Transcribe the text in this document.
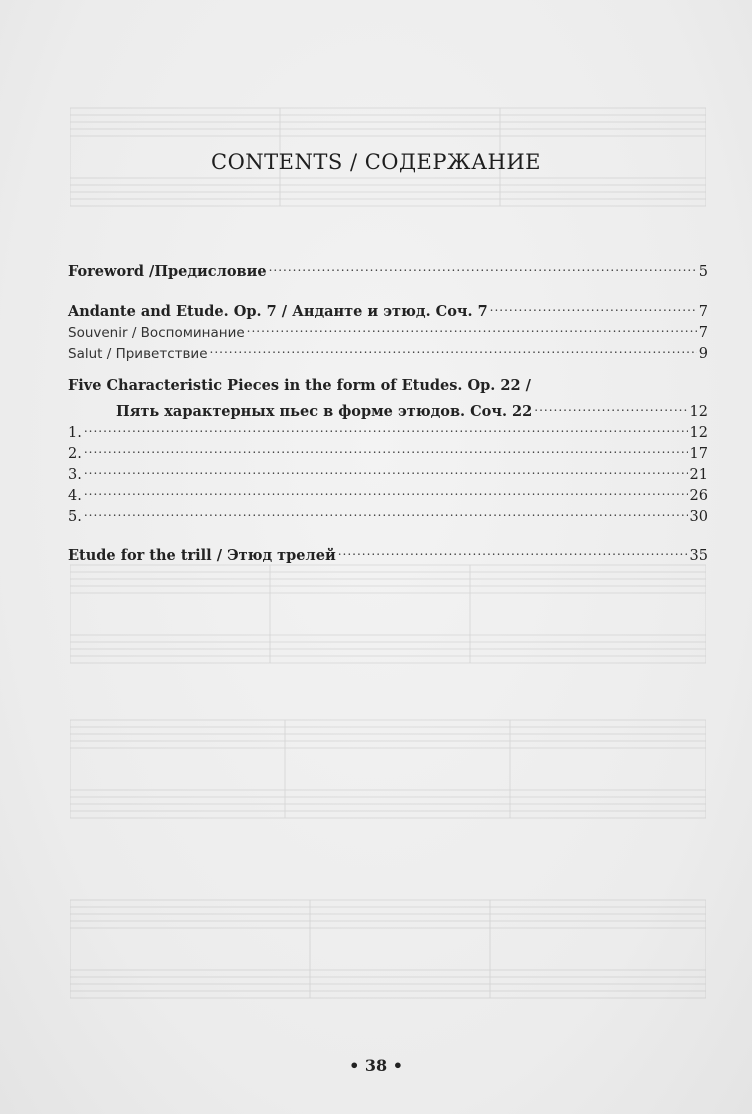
CONTENTS / СОДЕРЖАНИЕ
Foreword /Предисловие .....	5
Andante and Etude. Op. 7 / Анданте и этюд. Соч. 7 .....	7
Souvenir / Воспоминание .....	7
Salut / Приветствие .....	9
Five Characteristic Pieces in the form of Etudes. Op. 22 /
Пять характерных пьес в форме этюдов. Соч. 22 .....	12
1. .....	12
2. .....	17
3. .....	21
4. .....	26
5. .....	30
Etude for the trill / Этюд трелей .....	35
• 38 •
